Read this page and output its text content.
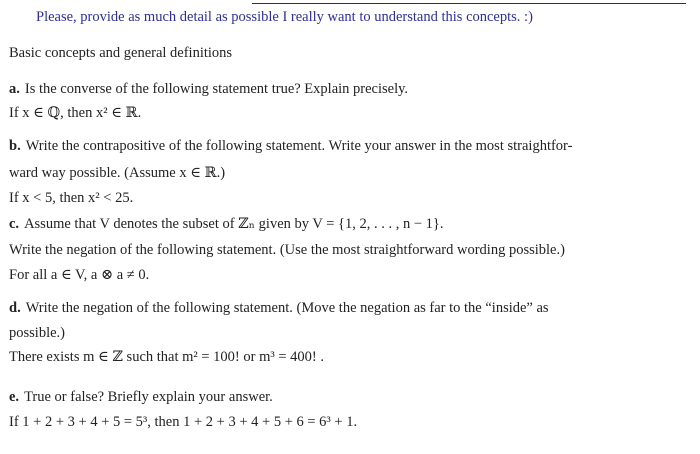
Please, provide as much detail as possible I really want to understand this concepts. :)
Basic concepts and general definitions
a. Is the converse of the following statement true? Explain precisely.
If x ∈ ℚ, then x² ∈ ℝ.
b. Write the contrapositive of the following statement. Write your answer in the most straightfor-
ward way possible. (Assume x ∈ ℝ.)
If x < 5, then x² < 25.
c. Assume that V denotes the subset of ℤₙ given by V = {1, 2, . . . , n − 1}.
Write the negation of the following statement. (Use the most straightforward wording possible.)
For all a ∈ V, a ⊗ a ≠ 0.
d. Write the negation of the following statement. (Move the negation as far to the “inside” as
possible.)
There exists m ∈ ℤ such that m² = 100! or m³ = 400! .
e. True or false? Briefly explain your answer.
If 1 + 2 + 3 + 4 + 5 = 5³, then 1 + 2 + 3 + 4 + 5 + 6 = 6³ + 1.
